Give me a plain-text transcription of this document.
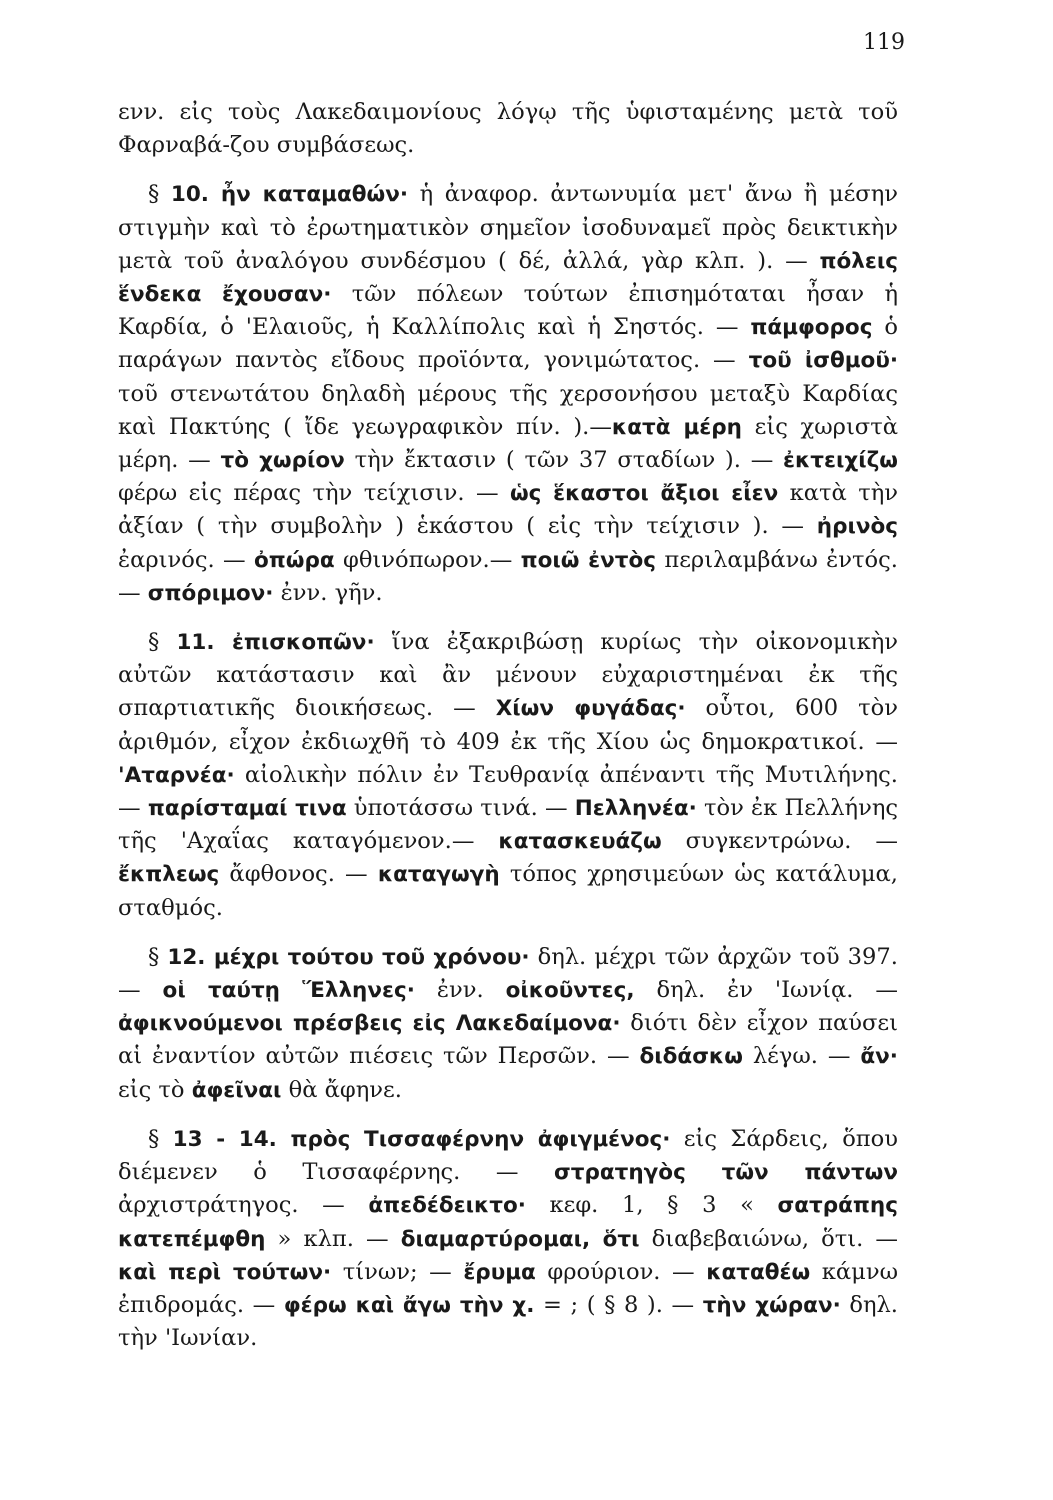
119

ενν. εἰς τοὺς Λακεδαιμονίους λόγῳ τῆς ὑφισταμένης μετὰ τοῦ Φαρναβά-ζου συμβάσεως.

§ 10. ἦν καταμαθών· ἡ ἀναφορ. ἀντωνυμία μετ' ἄνω ἢ μέσην στιγμὴν καὶ τὸ ἐρωτηματικὸν σημεῖον ἰσοδυναμεῖ πρὸς δεικτικὴν μετὰ τοῦ ἀναλόγου συνδέσμου ( δέ, ἀλλά, γὰρ κλπ. ). — πόλεις ἕνδεκα ἔχουσαν· τῶν πόλεων τούτων ἐπισημόταται ἦσαν ἡ Καρδία, ὁ 'Ελαιοῦς, ἡ Καλλίπολις καὶ ἡ Σηστός. — πάμφορος ὁ παράγων παντὸς εἴδους προϊόντα, γονιμώτατος. — τοῦ ἰσθμοῦ· τοῦ στενωτάτου δηλαδὴ μέρους τῆς χερσονήσου μεταξὺ Καρδίας καὶ Πακτύης ( ἴδε γεωγραφικὸν πίν. ).—κατὰ μέρη εἰς χωριστὰ μέρη. — τὸ χωρίον τὴν ἔκτασιν ( τῶν 37 σταδίων ). — ἐκτειχίζω φέρω εἰς πέρας τὴν τείχισιν. — ὡς ἕκαστοι ἄξιοι εἶεν κατὰ τὴν ἀξίαν ( τὴν συμβολὴν ) ἑκάστου ( εἰς τὴν τείχισιν ). — ἠρινὸς ἐαρινός. — ὀπώρα φθινόπωρον.— ποιῶ ἐντὸς περιλαμβάνω ἐντός. — σπόριμον· ἐνν. γῆν.

§ 11. ἐπισκοπῶν· ἵνα ἐξακριβώσῃ κυρίως τὴν οἰκονομικὴν αὐτῶν κατάστασιν καὶ ἂν μένουν εὐχαριστημέναι ἐκ τῆς σπαρτιατικῆς διοικήσεως. — Χίων φυγάδας· οὗτοι, 600 τὸν ἀριθμόν, εἶχον ἐκδιωχθῆ τὸ 409 ἐκ τῆς Χίου ὡς δημοκρατικοί. — 'Αταρνέα· αἰολικὴν πόλιν ἐν Τευθρανίᾳ ἀπέναντι τῆς Μυτιλήνης. — παρίσταμαί τινα ὑποτάσσω τινά. — Πελληνέα· τὸν ἐκ Πελλήνης τῆς 'Αχαΐας καταγόμενον.— κατασκευάζω συγκεντρώνω. — ἔκπλεως ἄφθονος. — καταγωγὴ τόπος χρησιμεύων ὡς κατάλυμα, σταθμός.

§ 12. μέχρι τούτου τοῦ χρόνου· δηλ. μέχρι τῶν ἀρχῶν τοῦ 397. — οἱ ταύτῃ Ἕλληνες· ἐνν. οἰκοῦντες, δηλ. ἐν 'Ιωνίᾳ. — ἀφικνούμενοι πρέσβεις εἰς Λακεδαίμονα· διότι δὲν εἶχον παύσει αἱ ἐναντίον αὐτῶν πιέσεις τῶν Περσῶν. — διδάσκω λέγω. — ἄν· εἰς τὸ ἀφεῖναι θὰ ἄφηνε.

§ 13 - 14. πρὸς Τισσαφέρνην ἀφιγμένος· εἰς Σάρδεις, ὅπου διέμενεν ὁ Τισσαφέρνης. — στρατηγὸς τῶν πάντων ἀρχιστράτηγος. — ἀπεδέδεικτο· κεφ. 1, § 3 « σατράπης κατεπέμφθη » κλπ. — διαμαρτύρομαι, ὅτι διαβεβαιώνω, ὅτι. — καὶ περὶ τούτων· τίνων; — ἔρυμα φρούριον. — καταθέω κάμνω ἐπιδρομάς. — φέρω καὶ ἄγω τὴν χ. = ; ( § 8 ). — τὴν χώραν· δηλ. τὴν 'Ιωνίαν.
